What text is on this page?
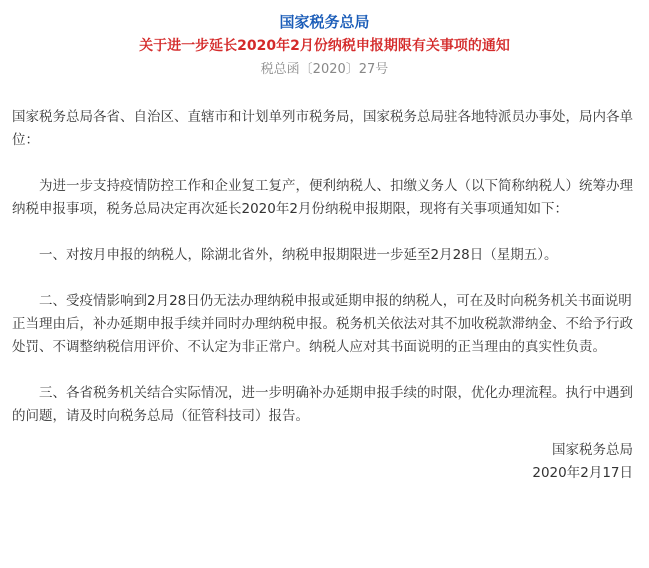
国家税务总局
关于进一步延长2020年2月份纳税申报期限有关事项的通知
税总函〔2020〕27号

国家税务总局各省、自治区、直辖市和计划单列市税务局，国家税务总局驻各地特派员办事处，局内各单位：

为进一步支持疫情防控工作和企业复工复产，便利纳税人、扣缴义务人（以下简称纳税人）统筹办理纳税申报事项，税务总局决定再次延长2020年2月份纳税申报期限，现将有关事项通知如下：

一、对按月申报的纳税人，除湖北省外，纳税申报期限进一步延至2月28日（星期五）。

二、受疫情影响到2月28日仍无法办理纳税申报或延期申报的纳税人，可在及时向税务机关书面说明正当理由后，补办延期申报手续并同时办理纳税申报。税务机关依法对其不加收税款滞纳金、不给予行政处罚、不调整纳税信用评价、不认定为非正常户。纳税人应对其书面说明的正当理由的真实性负责。

三、各省税务机关结合实际情况，进一步明确补办延期申报手续的时限，优化办理流程。执行中遇到的问题，请及时向税务总局（征管科技司）报告。

国家税务总局

2020年2月17日
